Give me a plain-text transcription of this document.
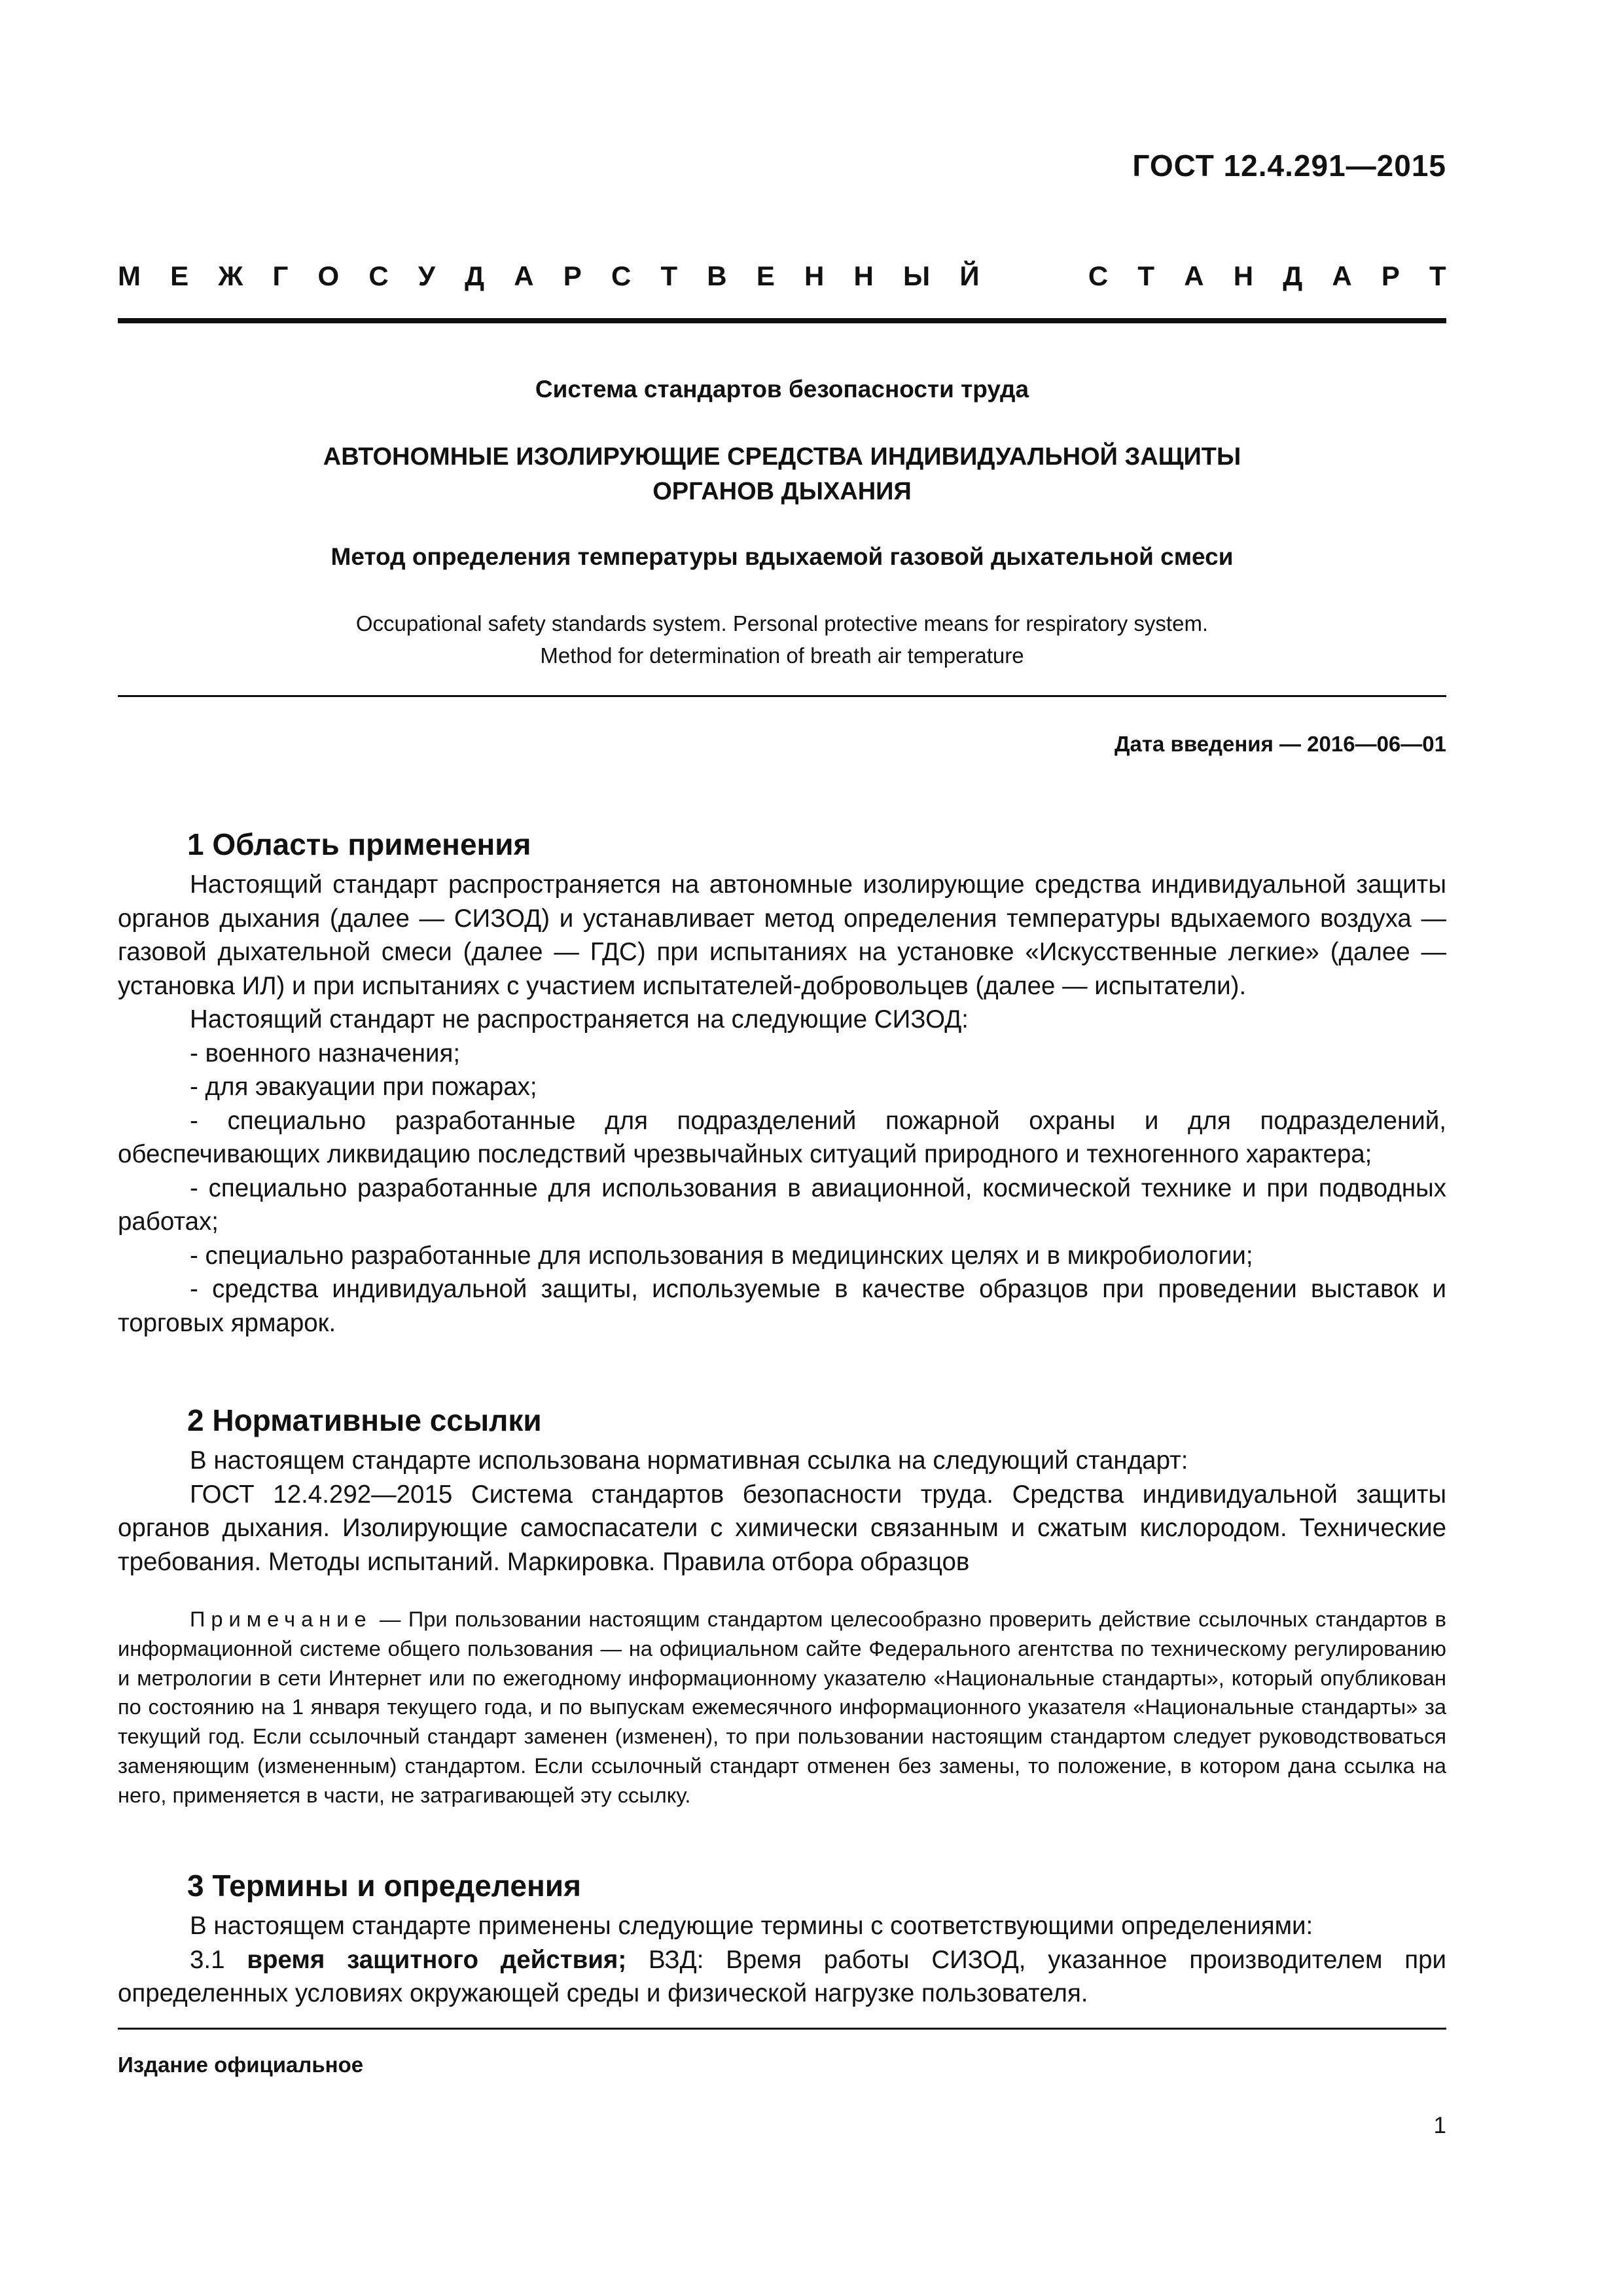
ГОСТ 12.4.291—2015
М Е Ж Г О С У Д А Р С Т В Е Н Н Ы Й	С Т А Н Д А Р Т
Система стандартов безопасности труда
АВТОНОМНЫЕ ИЗОЛИРУЮЩИЕ СРЕДСТВА ИНДИВИДУАЛЬНОЙ ЗАЩИТЫ
ОРГАНОВ ДЫХАНИЯ
Метод определения температуры вдыхаемой газовой дыхательной смеси
Occupational safety standards system. Personal protective means for respiratory system.
Method for determination of breath air temperature
Дата введения — 2016—06—01
1 Область применения

Настоящий стандарт распространяется на автономные изолирующие средства индивидуальной защиты органов дыхания (далее — СИЗОД) и устанавливает метод определения температуры вдыхаемого воздуха — газовой дыхательной смеси (далее — ГДС) при испытаниях на установке «Искусственные легкие» (далее — установка ИЛ) и при испытаниях с участием испытателей-добровольцев (далее — испытатели).

Настоящий стандарт не распространяется на следующие СИЗОД:

- военного назначения;

- для эвакуации при пожарах;

- специально разработанные для подразделений пожарной охраны и для подразделений, обеспечивающих ликвидацию последствий чрезвычайных ситуаций природного и техногенного характера;

- специально разработанные для использования в авиационной, космической технике и при подводных работах;

- специально разработанные для использования в медицинских целях и в микробиологии;

- средства индивидуальной защиты, используемые в качестве образцов при проведении выставок и торговых ярмарок.

2 Нормативные ссылки

В настоящем стандарте использована нормативная ссылка на следующий стандарт:

ГОСТ 12.4.292—2015 Система стандартов безопасности труда. Средства индивидуальной защиты органов дыхания. Изолирующие самоспасатели с химически связанным и сжатым кислородом. Технические требования. Методы испытаний. Маркировка. Правила отбора образцов

Примечание — При пользовании настоящим стандартом целесообразно проверить действие ссылочных стандартов в информационной системе общего пользования — на официальном сайте Федерального агентства по техническому регулированию и метрологии в сети Интернет или по ежегодному информационному указателю «Национальные стандарты», который опубликован по состоянию на 1 января текущего года, и по выпускам ежемесячного информационного указателя «Национальные стандарты» за текущий год. Если ссылочный стандарт заменен (изменен), то при пользовании настоящим стандартом следует руководствоваться заменяющим (измененным) стандартом. Если ссылочный стандарт отменен без замены, то положение, в котором дана ссылка на него, применяется в части, не затрагивающей эту ссылку.

3 Термины и определения

В настоящем стандарте применены следующие термины с соответствующими определениями:

3.1 время защитного действия; ВЗД: Время работы СИЗОД, указанное производителем при определенных условиях окружающей среды и физической нагрузке пользователя.

Издание официальное
1
